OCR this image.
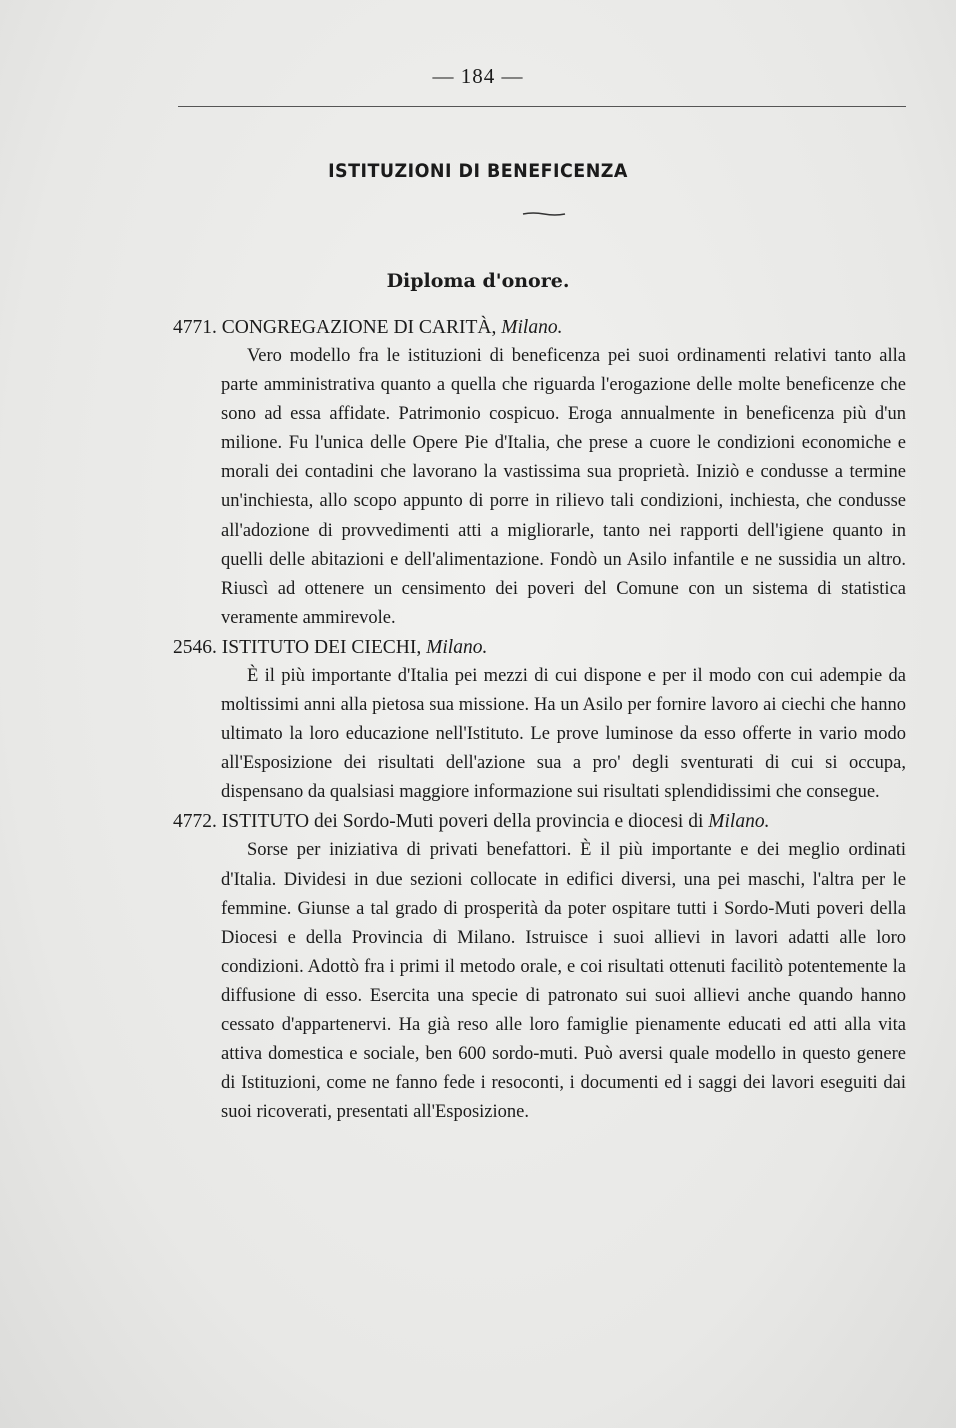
— 184 —
ISTITUZIONI DI BENEFICENZA
Diploma d'onore.
4771. CONGREGAZIONE DI CARITÀ, Milano.

Vero modello fra le istituzioni di beneficenza pei suoi ordinamenti relativi tanto alla parte amministrativa quanto a quella che riguarda l'erogazione delle molte beneficenze che sono ad essa affidate. Patrimonio cospicuo. Eroga annualmente in beneficenza più d'un milione. Fu l'unica delle Opere Pie d'Italia, che prese a cuore le condizioni economiche e morali dei contadini che lavorano la vastissima sua proprietà. Iniziò e condusse a termine un'inchiesta, allo scopo appunto di porre in rilievo tali condizioni, inchiesta, che condusse all'adozione di provvedimenti atti a migliorarle, tanto nei rapporti dell'igiene quanto in quelli delle abitazioni e dell'alimentazione. Fondò un Asilo infantile e ne sussidia un altro. Riuscì ad ottenere un censimento dei poveri del Comune con un sistema di statistica veramente ammirevole.

2546. ISTITUTO DEI CIECHI, Milano.

È il più importante d'Italia pei mezzi di cui dispone e per il modo con cui adempie da moltissimi anni alla pietosa sua missione. Ha un Asilo per fornire lavoro ai ciechi che hanno ultimato la loro educazione nell'Istituto. Le prove luminose da esso offerte in vario modo all'Esposizione dei risultati dell'azione sua a pro' degli sventurati di cui si occupa, dispensano da qualsiasi maggiore informazione sui risultati splendidissimi che consegue.

4772. ISTITUTO dei Sordo-Muti poveri della provincia e diocesi di Milano.

Sorse per iniziativa di privati benefattori. È il più importante e dei meglio ordinati d'Italia. Dividesi in due sezioni collocate in edifici diversi, una pei maschi, l'altra per le femmine. Giunse a tal grado di prosperità da poter ospitare tutti i Sordo-Muti poveri della Diocesi e della Provincia di Milano. Istruisce i suoi allievi in lavori adatti alle loro condizioni. Adottò fra i primi il metodo orale, e coi risultati ottenuti facilitò potentemente la diffusione di esso. Esercita una specie di patronato sui suoi allievi anche quando hanno cessato d'appartenervi. Ha già reso alle loro famiglie pienamente educati ed atti alla vita attiva domestica e sociale, ben 600 sordo-muti. Può aversi quale modello in questo genere di Istituzioni, come ne fanno fede i resoconti, i documenti ed i saggi dei lavori eseguiti dai suoi ricoverati, presentati all'Esposizione.
